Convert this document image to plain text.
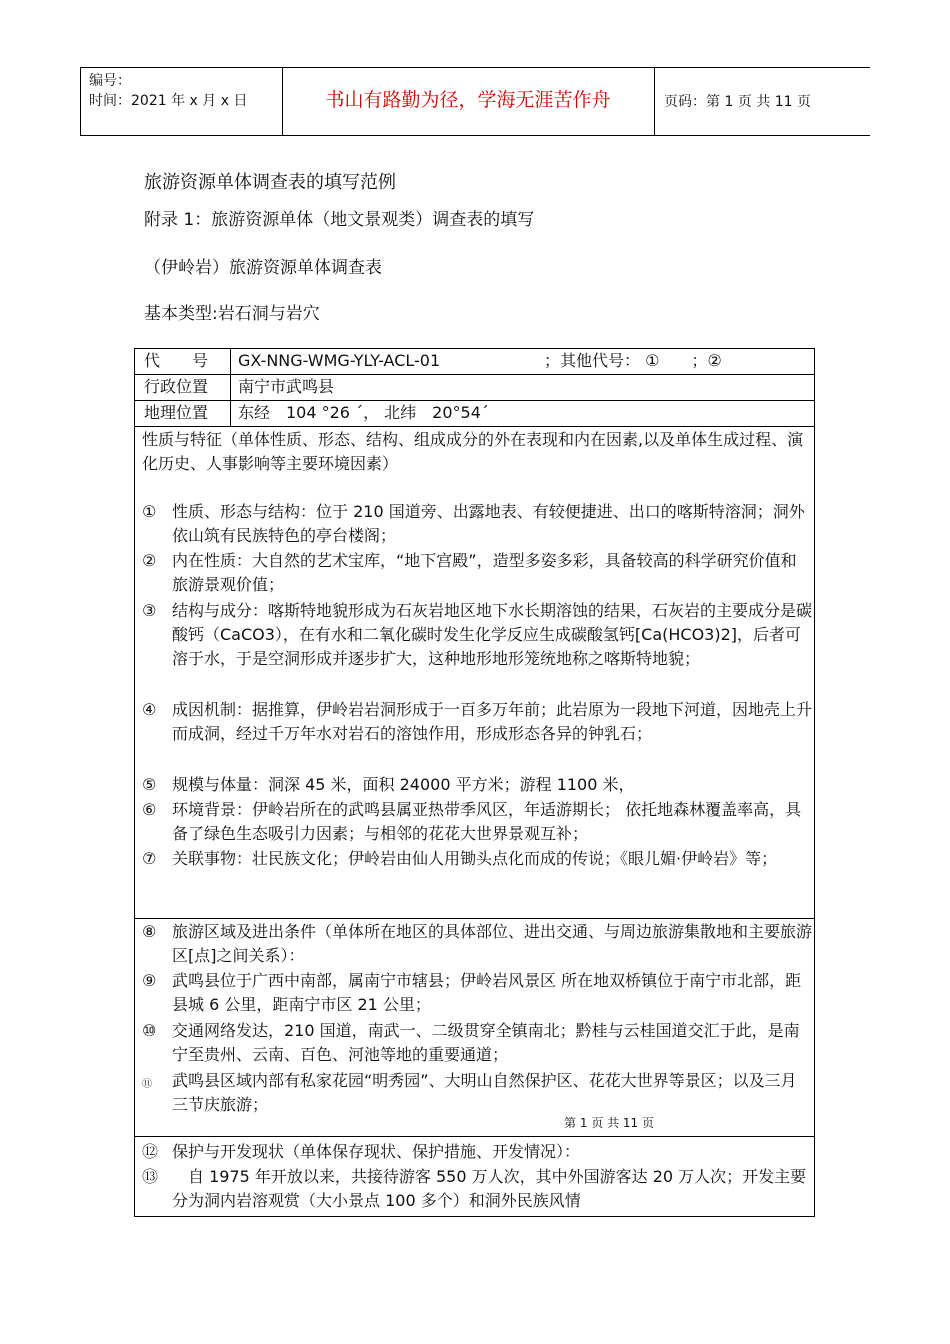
编号：
时间：2021 年 x 月 x 日	书山有路勤为径，学海无涯苦作舟	页码：第 1 页 共 11 页
旅游资源单体调查表的填写范例
附录 1：旅游资源单体（地文景观类）调查表的填写
（伊岭岩）旅游资源单体调查表
基本类型:岩石洞与岩穴
代　　号 GX-NNG-WMG-YLY-ACL-01	；其他代号： ①　　；②
行政位置 南宁市武鸣县
地理位置 东经　104 °26 ´， 北纬　20°54´
性质与特征（单体性质、形态、结构、组成成分的外在表现和内在因素,以及单体生成过程、演化历史、人事影响等主要环境因素）
① 性质、形态与结构：位于 210 国道旁、出露地表、有较便捷进、出口的喀斯特溶洞；洞外依山筑有民族特色的亭台楼阁；
② 内在性质：大自然的艺术宝库，“地下宫殿”，造型多姿多彩，具备较高的科学研究价值和旅游景观价值；
③ 结构与成分：喀斯特地貌形成为石灰岩地区地下水长期溶蚀的结果，石灰岩的主要成分是碳酸钙（CaCO3），在有水和二氧化碳时发生化学反应生成碳酸氢钙[Ca(HCO3)2]，后者可溶于水，于是空洞形成并逐步扩大，这种地形地形笼统地称之喀斯特地貌；
④ 成因机制：据推算，伊岭岩岩洞形成于一百多万年前；此岩原为一段地下河道，因地壳上升而成洞，经过千万年水对岩石的溶蚀作用，形成形态各异的钟乳石；
⑤ 规模与体量：洞深 45 米，面积 24000 平方米；游程 1100 米，
⑥ 环境背景：伊岭岩所在的武鸣县属亚热带季风区，年适游期长； 依托地森林覆盖率高，具备了绿色生态吸引力因素；与相邻的花花大世界景观互补；
⑦ 关联事物：壮民族文化；伊岭岩由仙人用锄头点化而成的传说；《眼儿媚·伊岭岩》等；
⑧ 旅游区域及进出条件（单体所在地区的具体部位、进出交通、与周边旅游集散地和主要旅游区[点]之间关系）：
⑨ 武鸣县位于广西中南部，属南宁市辖县；伊岭岩风景区 所在地双桥镇位于南宁市北部，距县城 6 公里，距南宁市区 21 公里；
⑩ 交通网络发达，210 国道，南武一、二级贯穿全镇南北；黔桂与云桂国道交汇于此，是南宁至贵州、云南、百色、河池等地的重要通道；
⑪	武鸣县区域内部有私家花园“明秀园”、大明山自然保护区、花花大世界等景区；以及三月三节庆旅游；
第 1 页 共 11 页
⑫ 保护与开发现状（单体保存现状、保护措施、开发情况）：
⑬ 　自 1975 年开放以来，共接待游客 550 万人次，其中外国游客达 20 万人次；开发主要分为洞内岩溶观赏（大小景点 100 多个）和洞外民族风情
